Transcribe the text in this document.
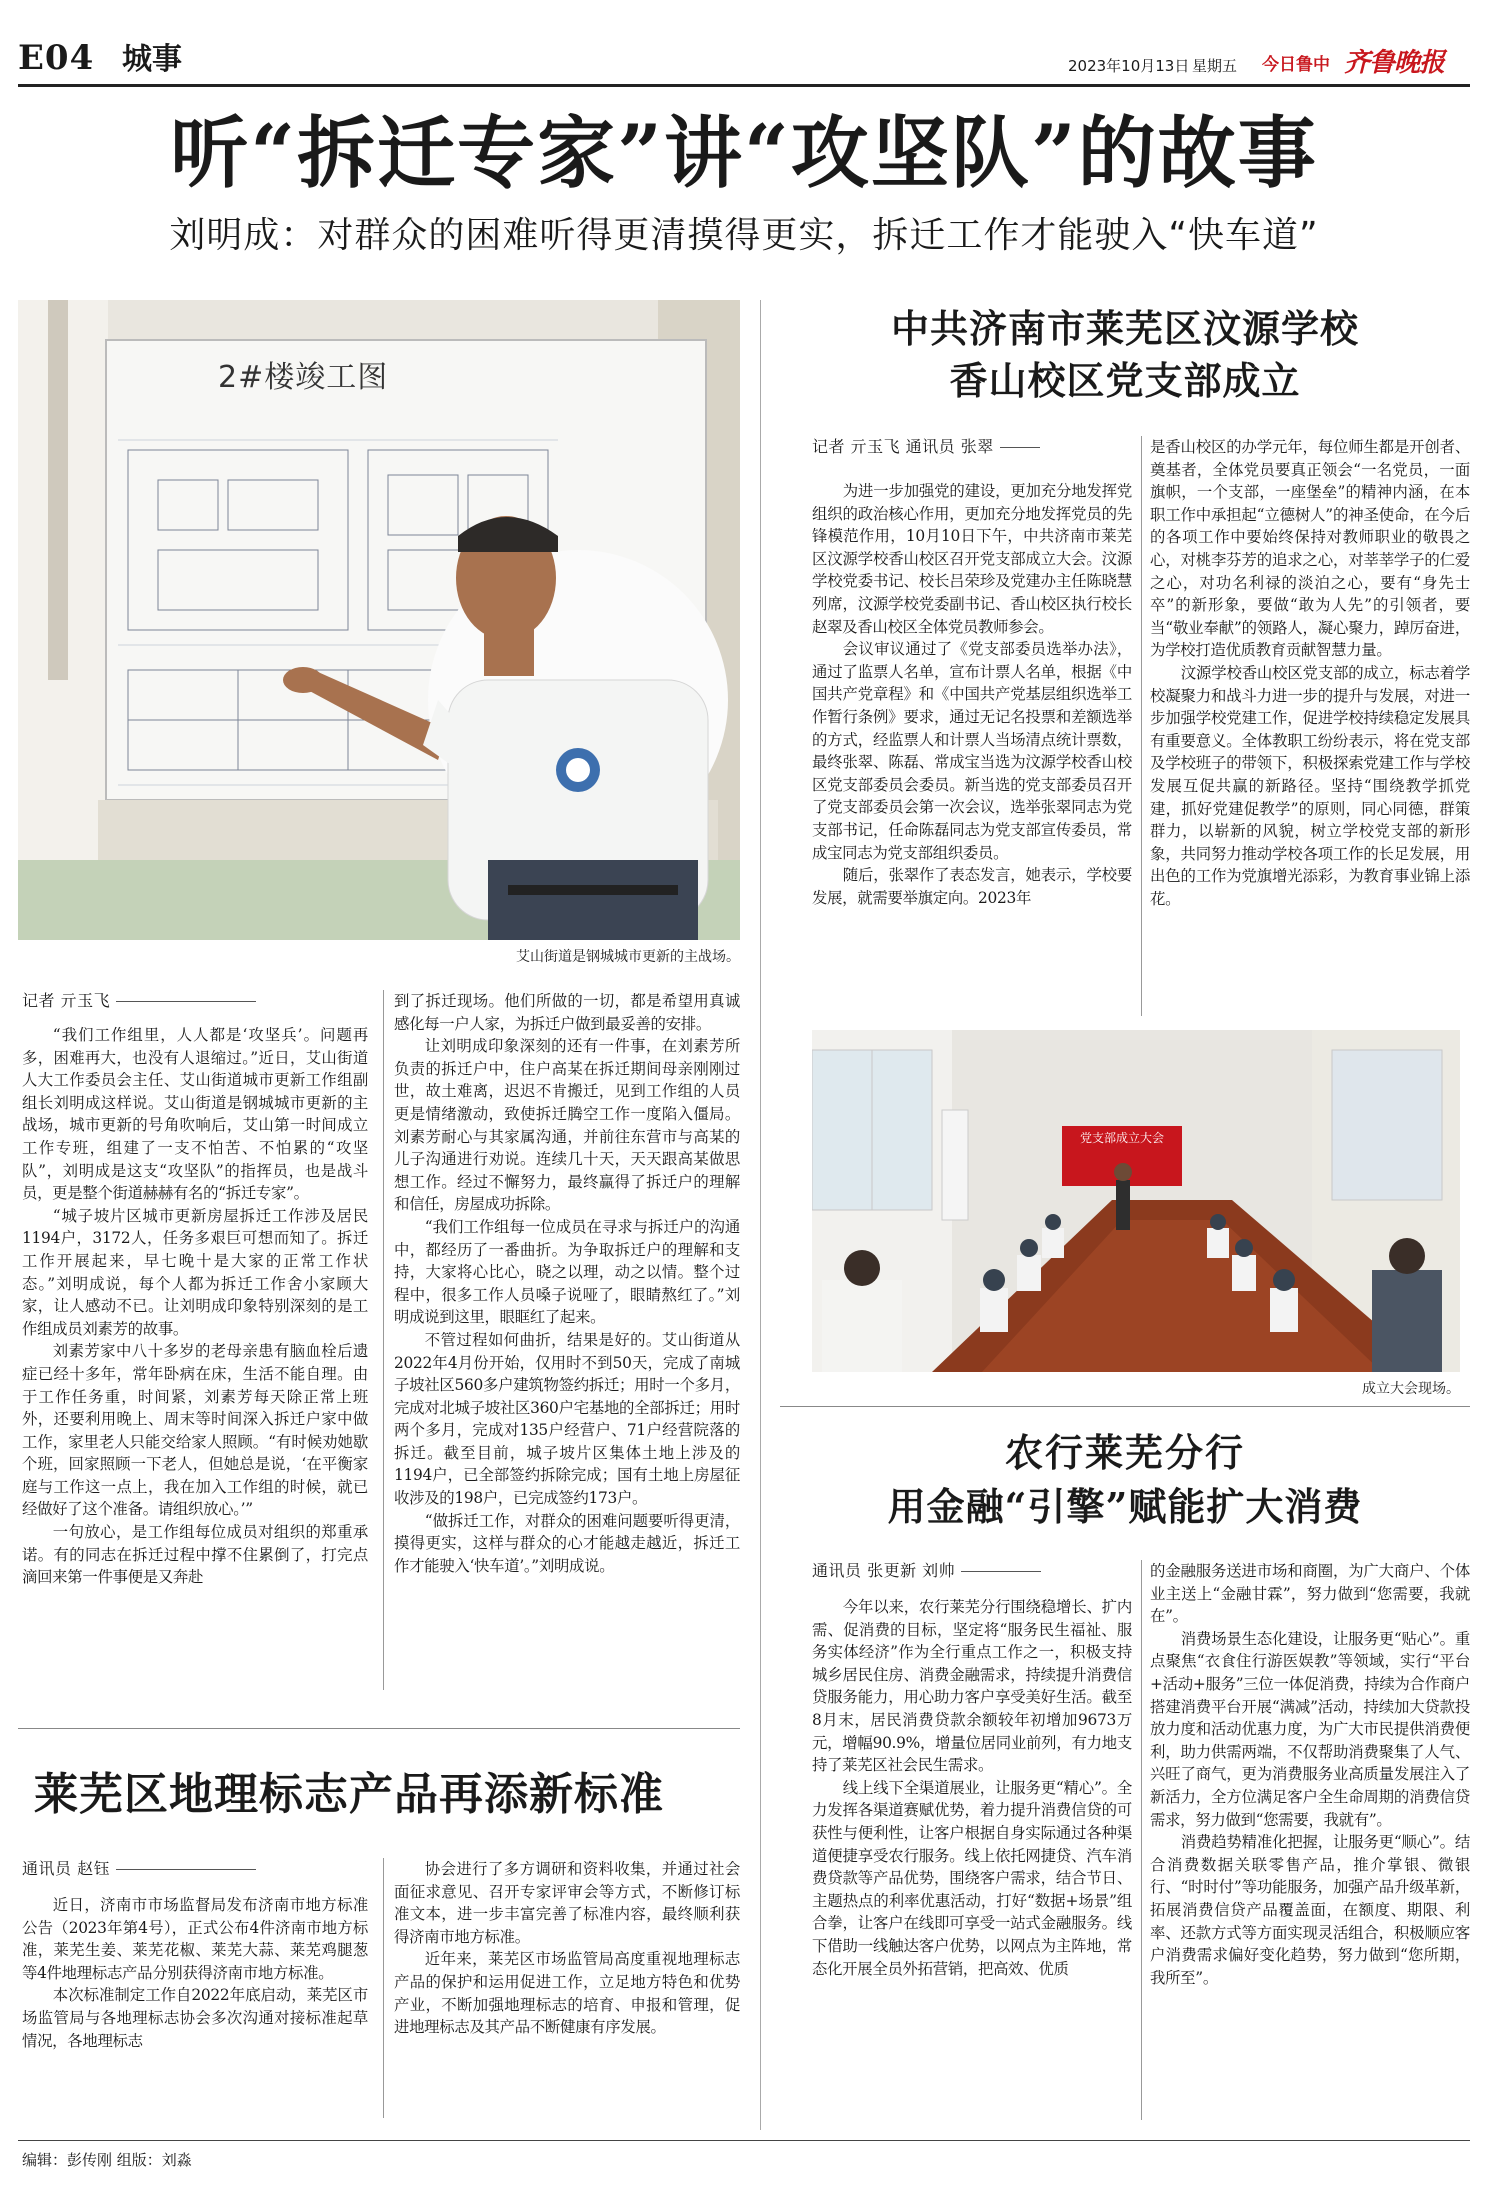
E04 城事	2023年10月13日 星期五 今日鲁中 齐鲁晚报
听“拆迁专家”讲“攻坚队”的故事
刘明成：对群众的困难听得更清摸得更实，拆迁工作才能驶入“快车道”
2#楼竣工图
艾山街道是钢城城市更新的主战场。
记者 亓玉飞

“我们工作组里，人人都是‘攻坚兵’。问题再多，困难再大，也没有人退缩过。”近日，艾山街道人大工作委员会主任、艾山街道城市更新工作组副组长刘明成这样说。艾山街道是钢城城市更新的主战场，城市更新的号角吹响后，艾山第一时间成立工作专班，组建了一支不怕苦、不怕累的“攻坚队”，刘明成是这支“攻坚队”的指挥员，也是战斗员，更是整个街道赫赫有名的“拆迁专家”。

“城子坡片区城市更新房屋拆迁工作涉及居民1194户，3172人，任务多艰巨可想而知了。拆迁工作开展起来，早七晚十是大家的正常工作状态。”刘明成说，每个人都为拆迁工作舍小家顾大家，让人感动不已。让刘明成印象特别深刻的是工作组成员刘素芳的故事。

刘素芳家中八十多岁的老母亲患有脑血栓后遗症已经十多年，常年卧病在床，生活不能自理。由于工作任务重，时间紧，刘素芳每天除正常上班外，还要利用晚上、周末等时间深入拆迁户家中做工作，家里老人只能交给家人照顾。“有时候劝她歇个班，回家照顾一下老人，但她总是说，‘在平衡家庭与工作这一点上，我在加入工作组的时候，就已经做好了这个准备。请组织放心。’”

一句放心，是工作组每位成员对组织的郑重承诺。有的同志在拆迁过程中撑不住累倒了，打完点滴回来第一件事便是又奔赴

到了拆迁现场。他们所做的一切，都是希望用真诚感化每一户人家，为拆迁户做到最妥善的安排。

让刘明成印象深刻的还有一件事，在刘素芳所负责的拆迁户中，住户高某在拆迁期间母亲刚刚过世，故土难离，迟迟不肯搬迁，见到工作组的人员更是情绪激动，致使拆迁腾空工作一度陷入僵局。刘素芳耐心与其家属沟通，并前往东营市与高某的儿子沟通进行劝说。连续几十天，天天跟高某做思想工作。经过不懈努力，最终赢得了拆迁户的理解和信任，房屋成功拆除。

“我们工作组每一位成员在寻求与拆迁户的沟通中，都经历了一番曲折。为争取拆迁户的理解和支持，大家将心比心，晓之以理，动之以情。整个过程中，很多工作人员嗓子说哑了，眼睛熬红了。”刘明成说到这里，眼眶红了起来。

不管过程如何曲折，结果是好的。艾山街道从2022年4月份开始，仅用时不到50天，完成了南城子坡社区560多户建筑物签约拆迁；用时一个多月，完成对北城子坡社区360户宅基地的全部拆迁；用时两个多月，完成对135户经营户、71户经营院落的拆迁。截至目前，城子坡片区集体土地上涉及的1194户，已全部签约拆除完成；国有土地上房屋征收涉及的198户，已完成签约173户。

“做拆迁工作，对群众的困难问题要听得更清，摸得更实，这样与群众的心才能越走越近，拆迁工作才能驶入‘快车道’。”刘明成说。

莱芜区地理标志产品再添新标准
通讯员 赵钰

近日，济南市市场监督局发布济南市地方标准公告（2023年第4号），正式公布4件济南市地方标准，莱芜生姜、莱芜花椒、莱芜大蒜、莱芜鸡腿葱等4件地理标志产品分别获得济南市地方标准。

本次标准制定工作自2022年底启动，莱芜区市场监管局与各地理标志协会多次沟通对接标准起草情况，各地理标志

协会进行了多方调研和资料收集，并通过社会面征求意见、召开专家评审会等方式，不断修订标准文本，进一步丰富完善了标准内容，最终顺利获得济南市地方标准。

近年来，莱芜区市场监管局高度重视地理标志产品的保护和运用促进工作，立足地方特色和优势产业，不断加强地理标志的培育、申报和管理，促进地理标志及其产品不断健康有序发展。

中共济南市莱芜区汶源学校
香山校区党支部成立
记者 亓玉飞 通讯员 张翠

为进一步加强党的建设，更加充分地发挥党组织的政治核心作用，更加充分地发挥党员的先锋模范作用，10月10日下午，中共济南市莱芜区汶源学校香山校区召开党支部成立大会。汶源学校党委书记、校长吕荣珍及党建办主任陈晓慧列席，汶源学校党委副书记、香山校区执行校长赵翠及香山校区全体党员教师参会。

会议审议通过了《党支部委员选举办法》，通过了监票人名单，宣布计票人名单，根据《中国共产党章程》和《中国共产党基层组织选举工作暂行条例》要求，通过无记名投票和差额选举的方式，经监票人和计票人当场清点统计票数，最终张翠、陈磊、常成宝当选为汶源学校香山校区党支部委员会委员。新当选的党支部委员召开了党支部委员会第一次会议，选举张翠同志为党支部书记，任命陈磊同志为党支部宣传委员，常成宝同志为党支部组织委员。

随后，张翠作了表态发言，她表示，学校要发展，就需要举旗定向。2023年

是香山校区的办学元年，每位师生都是开创者、奠基者，全体党员要真正领会“一名党员，一面旗帜，一个支部，一座堡垒”的精神内涵，在本职工作中承担起“立德树人”的神圣使命，在今后的各项工作中要始终保持对教师职业的敬畏之心，对桃李芬芳的追求之心，对莘莘学子的仁爱之心，对功名利禄的淡泊之心，要有“身先士卒”的新形象，要做“敢为人先”的引领者，要当“敬业奉献”的领路人，凝心聚力，踔厉奋进，为学校打造优质教育贡献智慧力量。

汶源学校香山校区党支部的成立，标志着学校凝聚力和战斗力进一步的提升与发展，对进一步加强学校党建工作，促进学校持续稳定发展具有重要意义。全体教职工纷纷表示，将在党支部及学校班子的带领下，积极探索党建工作与学校发展互促共赢的新路径。坚持“围绕教学抓党建，抓好党建促教学”的原则，同心同德，群策群力，以崭新的风貌，树立学校党支部的新形象，共同努力推动学校各项工作的长足发展，用出色的工作为党旗增光添彩，为教育事业锦上添花。

党支部成立大会
成立大会现场。
农行莱芜分行
用金融“引擎”赋能扩大消费
通讯员 张更新 刘帅

今年以来，农行莱芜分行围绕稳增长、扩内需、促消费的目标，坚定将“服务民生福祉、服务实体经济”作为全行重点工作之一，积极支持城乡居民住房、消费金融需求，持续提升消费信贷服务能力，用心助力客户享受美好生活。截至8月末，居民消费贷款余额较年初增加9673万元，增幅90.9%，增量位居同业前列，有力地支持了莱芜区社会民生需求。

线上线下全渠道展业，让服务更“精心”。全力发挥各渠道赛赋优势，着力提升消费信贷的可获性与便利性，让客户根据自身实际通过各种渠道便捷享受农行服务。线上依托网捷贷、汽车消费贷款等产品优势，围绕客户需求，结合节日、主题热点的利率优惠活动，打好“数据+场景”组合拳，让客户在线即可享受一站式金融服务。线下借助一线触达客户优势，以网点为主阵地，常态化开展全员外拓营销，把高效、优质

的金融服务送进市场和商圈，为广大商户、个体业主送上“金融甘霖”，努力做到“您需要，我就在”。

消费场景生态化建设，让服务更“贴心”。重点聚焦“衣食住行游医娱教”等领域，实行“平台+活动+服务”三位一体促消费，持续为合作商户搭建消费平台开展“满减”活动，持续加大贷款投放力度和活动优惠力度，为广大市民提供消费便利，助力供需两端，不仅帮助消费聚集了人气、兴旺了商气，更为消费服务业高质量发展注入了新活力，全方位满足客户全生命周期的消费信贷需求，努力做到“您需要，我就有”。

消费趋势精准化把握，让服务更“顺心”。结合消费数据关联零售产品，推介掌银、微银行、“时时付”等功能服务，加强产品升级革新，拓展消费信贷产品覆盖面，在额度、期限、利率、还款方式等方面实现灵活组合，积极顺应客户消费需求偏好变化趋势，努力做到“您所期，我所至”。

编辑：彭传刚 组版：刘淼
